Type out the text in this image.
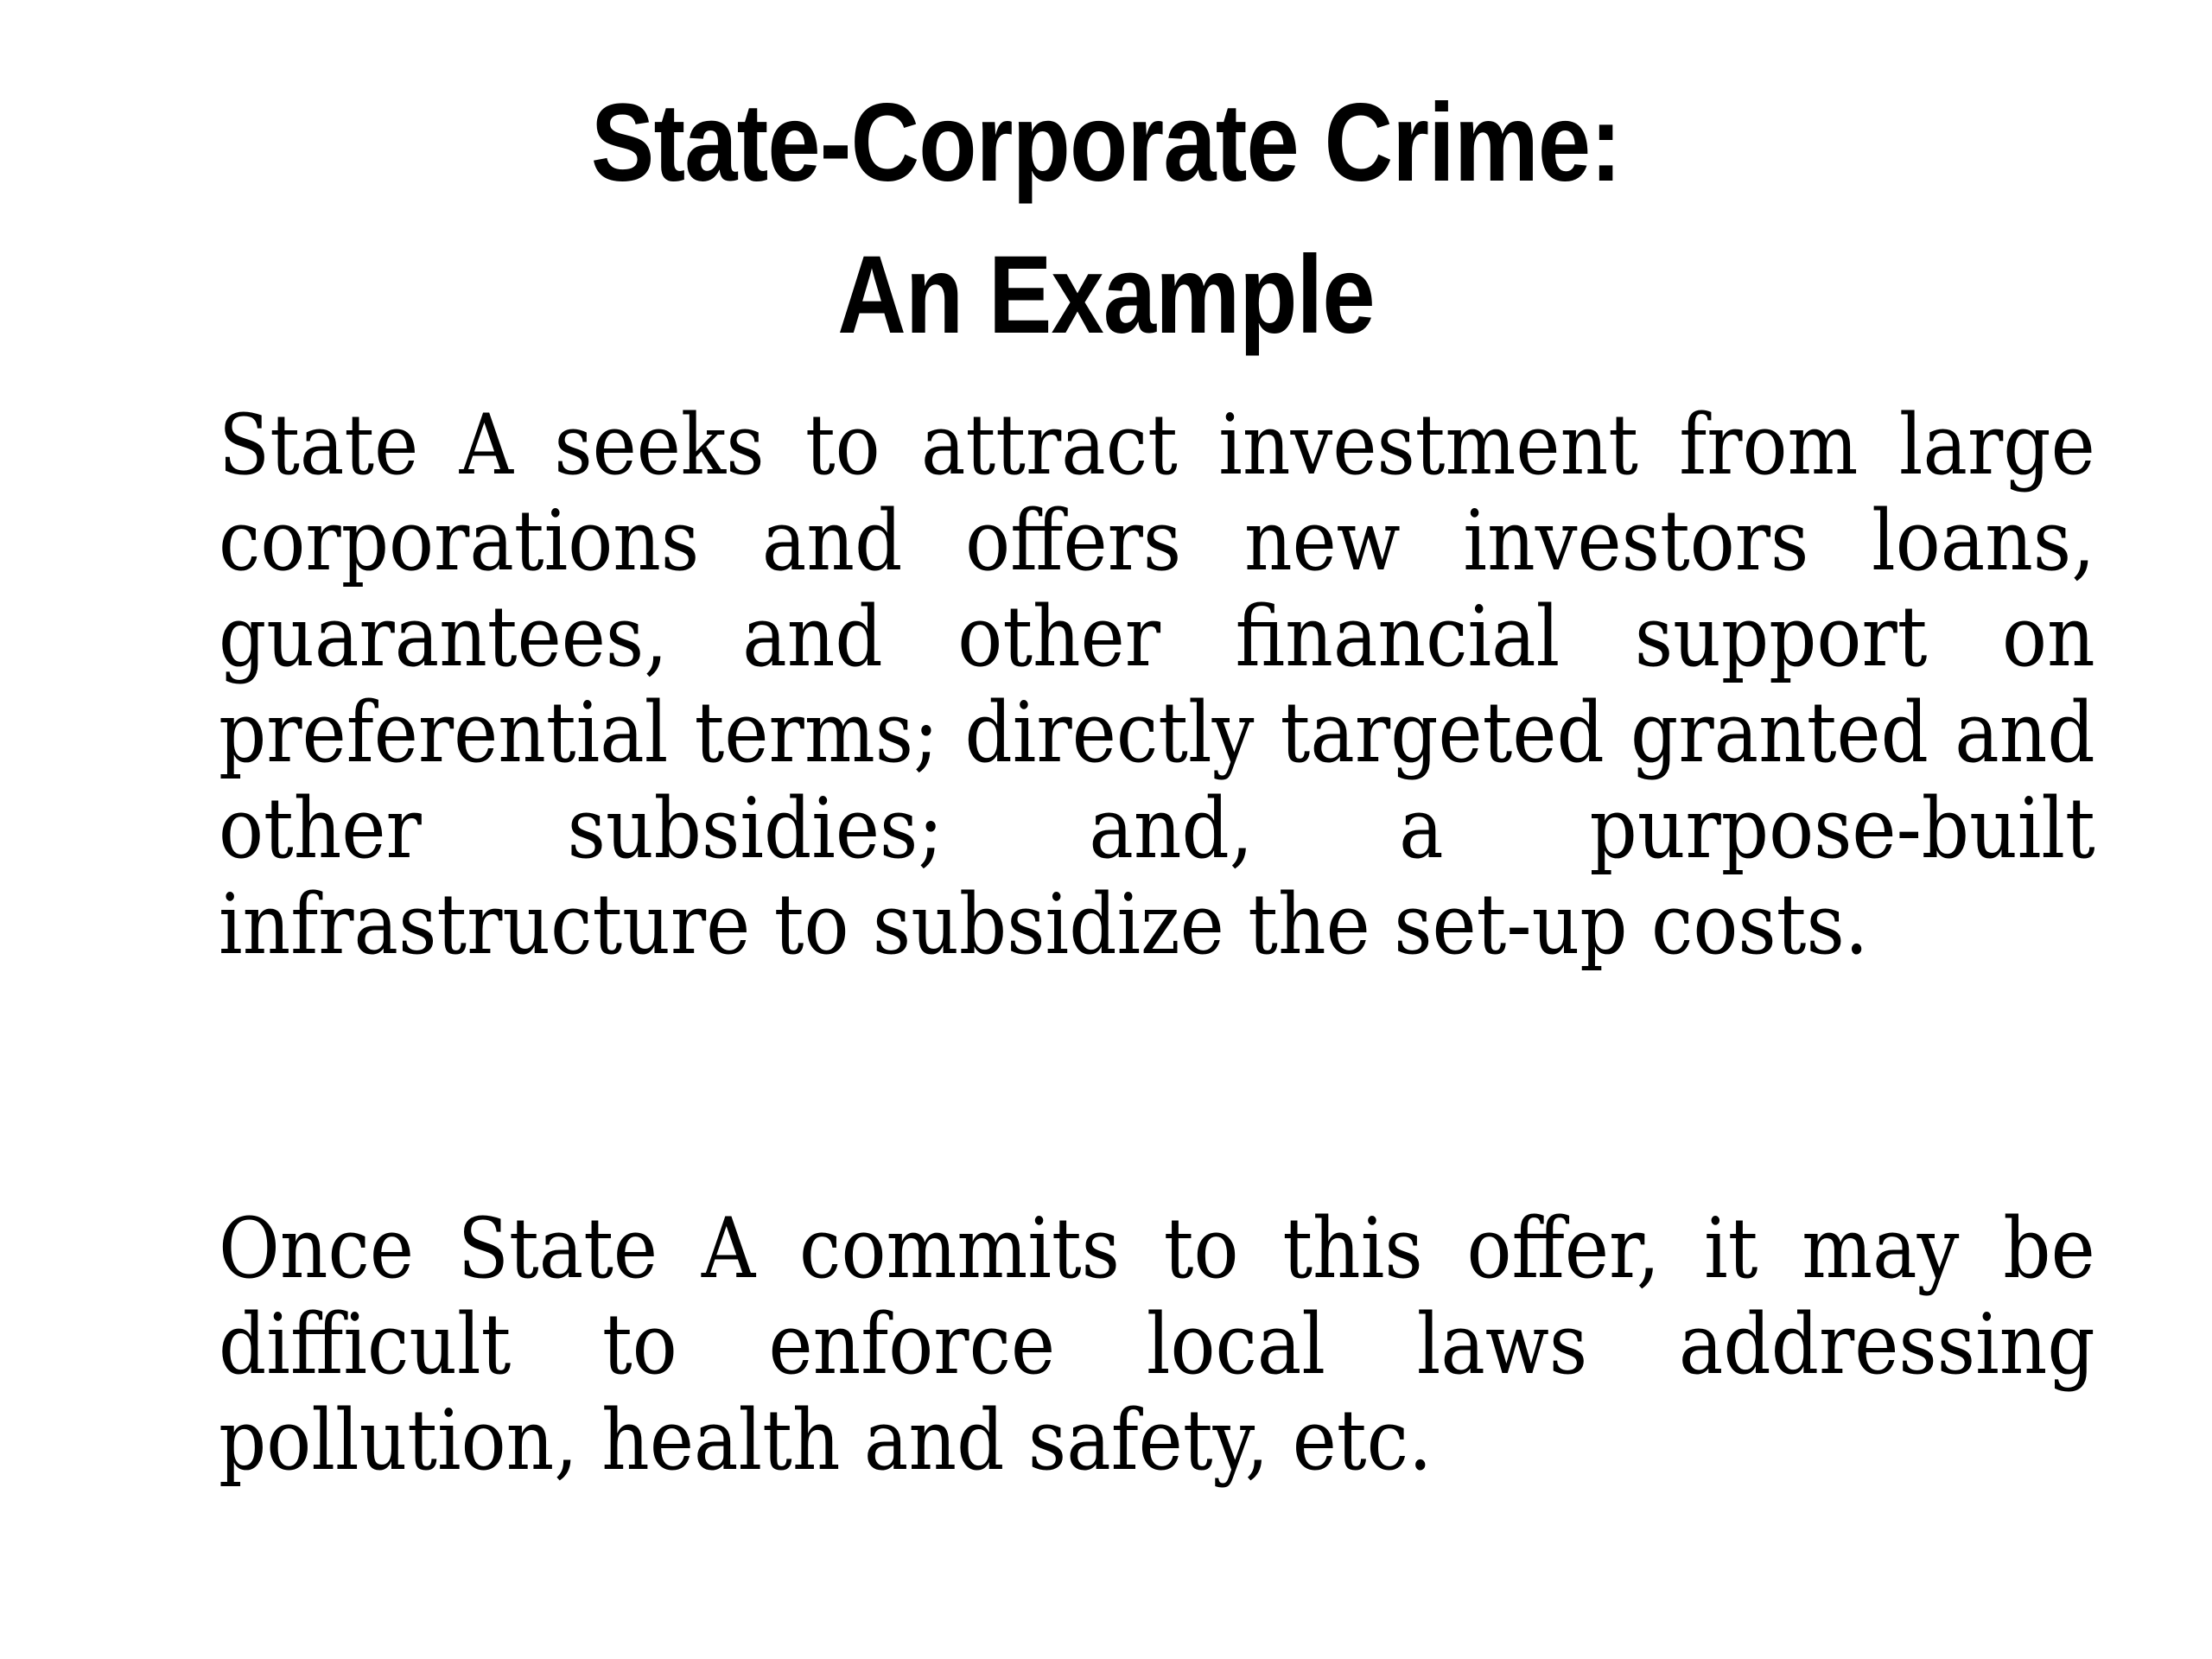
State-Corporate Crime:
An Example

State A seeks to attract investment from large corporations and offers new investors loans, guarantees, and other financial support on preferential terms; directly targeted granted and other subsidies; and, a purpose-built infrastructure to subsidize the set-up costs.

Once State A commits to this offer, it may be difficult to enforce local laws addressing pollution, health and safety, etc.
